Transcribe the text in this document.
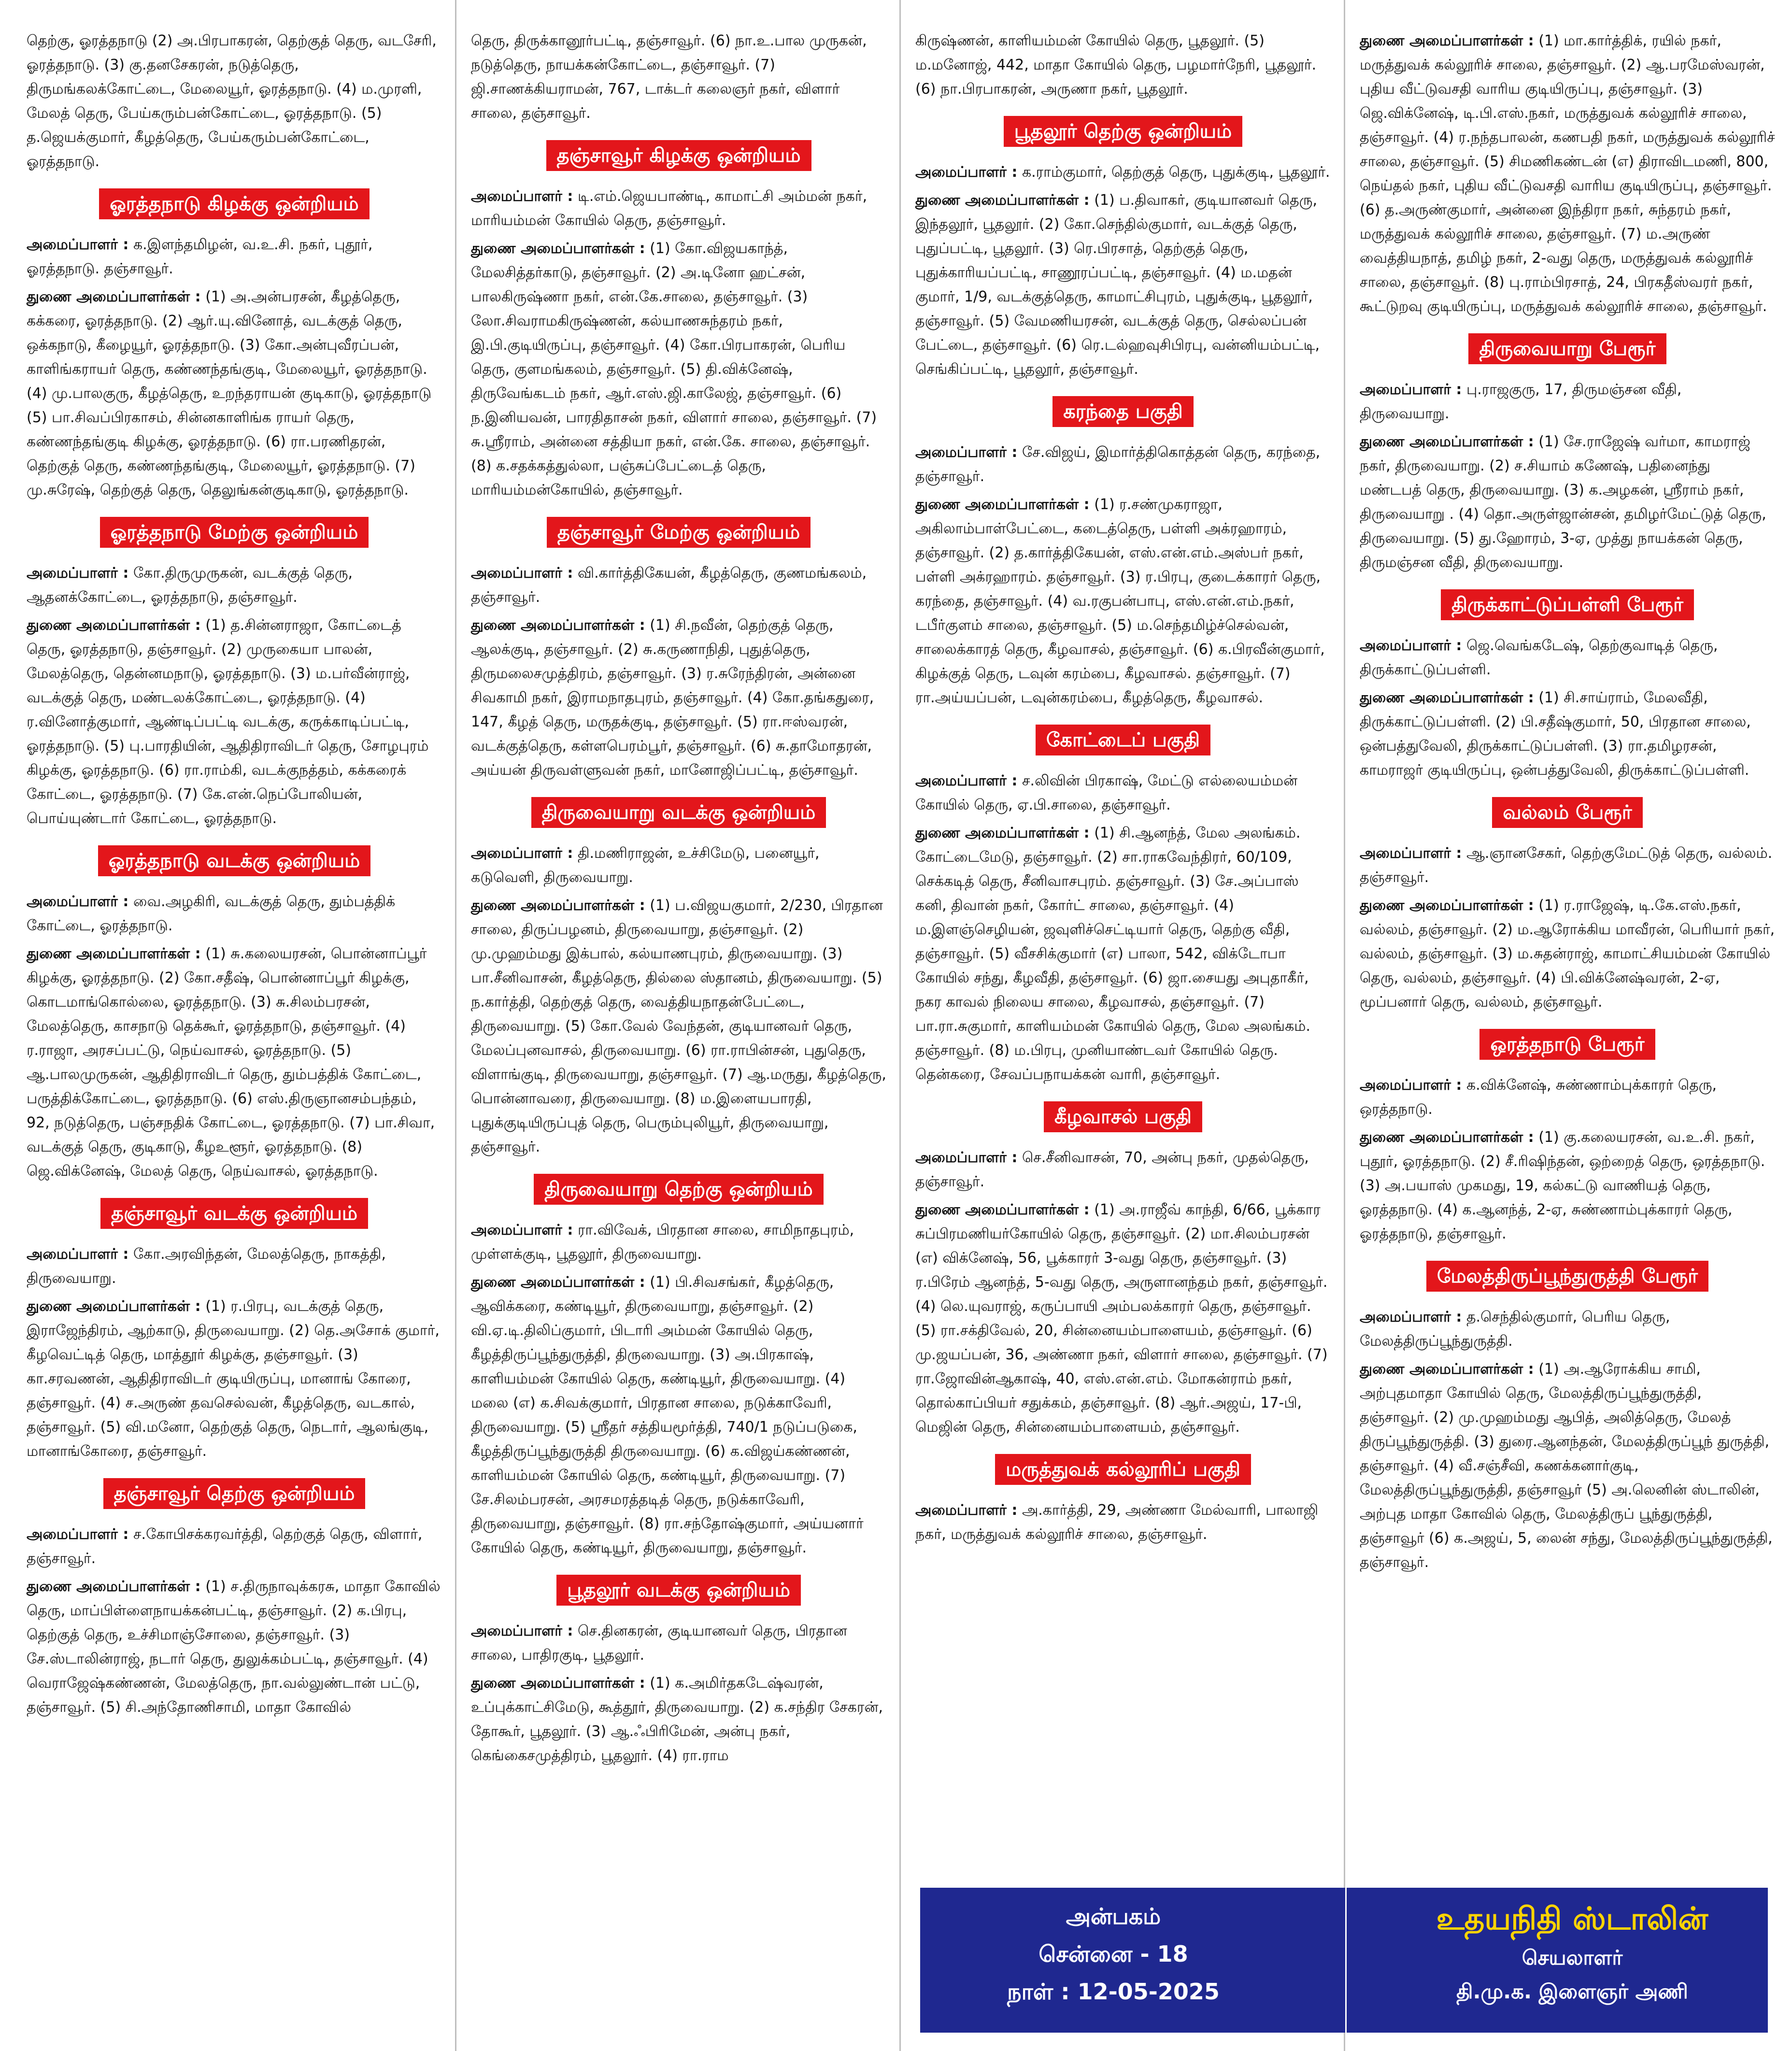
தெற்கு, ஓரத்தநாடு (2) அ.பிரபாகரன், தெற்குத் தெரு, வடசேரி, ஓரத்தநாடு. (3) கு.தனசேகரன், நடுத்தெரு, திருமங்கலக்கோட்டை, மேலையூர், ஓரத்தநாடு. (4) ம.முரளி, மேலத் தெரு, பேய்கரும்பன்கோட்டை, ஓரத்தநாடு. (5) த.ஜெயக்குமார், கீழத்தெரு, பேய்கரும்பன்கோட்டை, ஓரத்தநாடு.
ஓரத்தநாடு கிழக்கு ஒன்றியம்
அமைப்பாளர் : க.இளந்தமிழன், வ.உ.சி. நகர், புதூர், ஓரத்தநாடு. தஞ்சாவூர்.
துணை அமைப்பாளர்கள் : (1) அ.அன்பரசன், கீழத்தெரு, கக்கரை, ஓரத்தநாடு. (2) ஆர்.யு.வினோத், வடக்குத் தெரு, ஒக்கநாடு, கீழையூர், ஓரத்தநாடு. (3) கோ.அன்புவீரப்பன், காளிங்கராயர் தெரு, கண்ணந்தங்குடி, மேலையூர், ஓரத்தநாடு. (4) மு.பாலகுரு, கீழத்தெரு, உறந்தராயன் குடிகாடு, ஓரத்தநாடு (5) பா.சிவப்பிரகாசம், சின்னகாளிங்க ராயர் தெரு, கண்ணந்தங்குடி கிழக்கு, ஓரத்தநாடு. (6) ரா.பரணிதரன், தெற்குத் தெரு, கண்ணந்தங்குடி, மேலையூர், ஓரத்தநாடு. (7) மு.சுரேஷ், தெற்குத் தெரு, தெலுங்கன்குடிகாடு, ஓரத்தநாடு.
ஓரத்தநாடு மேற்கு ஒன்றியம்
அமைப்பாளர் : கோ.திருமுருகன், வடக்குத் தெரு, ஆதனக்கோட்டை, ஓரத்தநாடு, தஞ்சாவூர்.
துணை அமைப்பாளர்கள் : (1) த.சின்னராஜா, கோட்டைத் தெரு, ஓரத்தநாடு, தஞ்சாவூர். (2) முருகையா பாலன், மேலத்தெரு, தென்னமநாடு, ஓரத்தநாடு. (3) ம.பர்வீன்ராஜ், வடக்குத் தெரு, மண்டலக்கோட்டை, ஓரத்தநாடு. (4) ர.வினோத்குமார், ஆண்டிப்பட்டி வடக்கு, கருக்காடிப்பட்டி, ஓரத்தநாடு. (5) பு.பாரதியின், ஆதிதிராவிடர் தெரு, சோழபுரம் கிழக்கு, ஓரத்தநாடு. (6) ரா.ராம்கி, வடக்குநத்தம், கக்கரைக் கோட்டை, ஓரத்தநாடு. (7) கே.என்.நெப்போலியன், பொய்யுண்டார் கோட்டை, ஓரத்தநாடு.
ஓரத்தநாடு வடக்கு ஒன்றியம்
அமைப்பாளர் : வை.அழகிரி, வடக்குத் தெரு, தும்பத்திக் கோட்டை, ஓரத்தநாடு.
துணை அமைப்பாளர்கள் : (1) சு.கலையரசன், பொன்னாப்பூர் கிழக்கு, ஓரத்தநாடு. (2) கோ.சதீஷ், பொன்னாப்பூர் கிழக்கு, கொடமாங்கொல்லை, ஓரத்தநாடு. (3) சு.சிலம்பரசன், மேலத்தெரு, காசநாடு தெக்கூர், ஓரத்தநாடு, தஞ்சாவூர். (4) ர.ராஜா, அரசப்பட்டு, நெய்வாசல், ஓரத்தநாடு. (5) ஆ.பாலமுருகன், ஆதிதிராவிடர் தெரு, தும்பத்திக் கோட்டை, பருத்திக்கோட்டை, ஓரத்தநாடு. (6) எஸ்.திருஞானசம்பந்தம், 92, நடுத்தெரு, பஞ்சநதிக் கோட்டை, ஓரத்தநாடு. (7) பா.சிவா, வடக்குத் தெரு, குடிகாடு, கீழஉளூர், ஓரத்தநாடு. (8) ஜெ.விக்னேஷ், மேலத் தெரு, நெய்வாசல், ஓரத்தநாடு.
தஞ்சாவூர் வடக்கு ஒன்றியம்
அமைப்பாளர் : கோ.அரவிந்தன், மேலத்தெரு, நாகத்தி, திருவையாறு.
துணை அமைப்பாளர்கள் : (1) ர.பிரபு, வடக்குத் தெரு, இராஜேந்திரம், ஆற்காடு, திருவையாறு. (2) தெ.அசோக் குமார், கீழவெட்டித் தெரு, மாத்தூர் கிழக்கு, தஞ்சாவூர். (3) கா.சரவணன், ஆதிதிராவிடர் குடியிருப்பு, மானாங் கோரை, தஞ்சாவூர். (4) ச.அருண் தவசெல்வன், கீழத்தெரு, வடகால், தஞ்சாவூர். (5) வி.மனோ, தெற்குத் தெரு, நெடார், ஆலங்குடி, மானாங்கோரை, தஞ்சாவூர்.
தஞ்சாவூர் தெற்கு ஒன்றியம்
அமைப்பாளர் : ச.கோபிசக்கரவர்த்தி, தெற்குத் தெரு, விளார், தஞ்சாவூர்.
துணை அமைப்பாளர்கள் : (1) ச.திருநாவுக்கரசு, மாதா கோவில் தெரு, மாப்பிள்ளைநாயக்கன்பட்டி, தஞ்சாவூர். (2) க.பிரபு, தெற்குத் தெரு, உச்சிமாஞ்சோலை, தஞ்சாவூர். (3) சே.ஸ்டாலின்ராஜ், நடார் தெரு, துலுக்கம்பட்டி, தஞ்சாவூர். (4) வெராஜேஷ்கண்ணன், மேலத்தெரு, நா.வல்லுண்டான் பட்டு, தஞ்சாவூர். (5) சி.அந்தோணிசாமி, மாதா கோவில்
தெரு, திருக்கானூர்பட்டி, தஞ்சாவூர். (6) நா.உ.பால முருகன், நடுத்தெரு, நாயக்கன்கோட்டை, தஞ்சாவூர். (7) ஜி.சாணக்கியராமன், 767, டாக்டர் கலைஞர் நகர், விளார் சாலை, தஞ்சாவூர்.
தஞ்சாவூர் கிழக்கு ஒன்றியம்
அமைப்பாளர் : டி.எம்.ஜெயபாண்டி, காமாட்சி அம்மன் நகர், மாரியம்மன் கோயில் தெரு, தஞ்சாவூர்.
துணை அமைப்பாளர்கள் : (1) கோ.விஜயகாந்த், மேலசித்தர்காடு, தஞ்சாவூர். (2) அ.டினோ ஹட்சன், பாலகிருஷ்ணா நகர், என்.கே.சாலை, தஞ்சாவூர். (3) லோ.சிவராமகிருஷ்ணன், கல்யாணசுந்தரம் நகர், இ.பி.குடியிருப்பு, தஞ்சாவூர். (4) கோ.பிரபாகரன், பெரிய தெரு, குளமங்கலம், தஞ்சாவூர். (5) தி.விக்னேஷ், திருவேங்கடம் நகர், ஆர்.எஸ்.ஜி.காலேஜ், தஞ்சாவூர். (6) ந.இனியவன், பாரதிதாசன் நகர், விளார் சாலை, தஞ்சாவூர். (7) சு.ஸ்ரீராம், அன்னை சத்தியா நகர், என்.கே. சாலை, தஞ்சாவூர். (8) க.சதக்கத்துல்லா, பஞ்சுப்பேட்டைத் தெரு, மாரியம்மன்கோயில், தஞ்சாவூர்.
தஞ்சாவூர் மேற்கு ஒன்றியம்
அமைப்பாளர் : வி.கார்த்திகேயன், கீழத்தெரு, குணமங்கலம், தஞ்சாவூர்.
துணை அமைப்பாளர்கள் : (1) சி.நவீன், தெற்குத் தெரு, ஆலக்குடி, தஞ்சாவூர். (2) சு.கருணாநிதி, புதுத்தெரு, திருமலைசமுத்திரம், தஞ்சாவூர். (3) ர.சுரேந்திரன், அன்னை சிவகாமி நகர், இராமநாதபுரம், தஞ்சாவூர். (4) கோ.தங்கதுரை, 147, கீழத் தெரு, மருதக்குடி, தஞ்சாவூர். (5) ரா.ஈஸ்வரன், வடக்குத்தெரு, கள்ளபெரம்பூர், தஞ்சாவூர். (6) சு.தாமோதரன், அய்யன் திருவள்ளுவன் நகர், மானோஜிப்பட்டி, தஞ்சாவூர்.
திருவையாறு வடக்கு ஒன்றியம்
அமைப்பாளர் : தி.மணிராஜன், உச்சிமேடு, பனையூர், கடுவெளி, திருவையாறு.
துணை அமைப்பாளர்கள் : (1) ப.விஜயகுமார், 2/230, பிரதான சாலை, திருப்பழனம், திருவையாறு, தஞ்சாவூர். (2) மு.முஹம்மது இக்பால், கல்யாணபுரம், திருவையாறு. (3) பா.சீனிவாசன், கீழத்தெரு, தில்லை ஸ்தானம், திருவையாறு. (5) ந.கார்த்தி, தெற்குத் தெரு, வைத்தியநாதன்பேட்டை, திருவையாறு. (5) கோ.வேல் வேந்தன், குடியானவர் தெரு, மேலப்புனவாசல், திருவையாறு. (6) ரா.ராபின்சன், புதுதெரு, விளாங்குடி, திருவையாறு, தஞ்சாவூர். (7) ஆ.மருது, கீழத்தெரு, பொன்னாவரை, திருவையாறு. (8) ம.இளையபாரதி, புதுக்குடியிருப்புத் தெரு, பெரும்புலியூர், திருவையாறு, தஞ்சாவூர்.
திருவையாறு தெற்கு ஒன்றியம்
அமைப்பாளர் : ரா.விவேக், பிரதான சாலை, சாமிநாதபுரம், முள்ளக்குடி, பூதலூர், திருவையாறு.
துணை அமைப்பாளர்கள் : (1) பி.சிவசங்கர், கீழத்தெரு, ஆவிக்கரை, கண்டியூர், திருவையாறு, தஞ்சாவூர். (2) வி.ஏ.டி.திலிப்குமார், பிடாரி அம்மன் கோயில் தெரு, கீழத்திருப்பூந்துருத்தி, திருவையாறு. (3) அ.பிரகாஷ், காளியம்மன் கோயில் தெரு, கண்டியூர், திருவையாறு. (4) மலை (எ) க.சிவக்குமார், பிரதான சாலை, நடுக்காவேரி, திருவையாறு. (5) ஸ்ரீதர் சத்தியமூர்த்தி, 740/1 நடுப்படுகை, கீழத்திருப்பூந்துருத்தி திருவையாறு. (6) க.விஜய்கண்ணன், காளியம்மன் கோயில் தெரு, கண்டியூர், திருவையாறு. (7) சே.சிலம்பரசன், அரசமரத்தடித் தெரு, நடுக்காவேரி, திருவையாறு, தஞ்சாவூர். (8) ரா.சந்தோஷ்குமார், அய்யனார் கோயில் தெரு, கண்டியூர், திருவையாறு, தஞ்சாவூர்.
பூதலூர் வடக்கு ஒன்றியம்
அமைப்பாளர் : செ.தினகரன், குடியானவர் தெரு, பிரதான சாலை, பாதிரகுடி, பூதலூர்.
துணை அமைப்பாளர்கள் : (1) க.அமிர்தகடேஷ்வரன், உப்புக்காட்சிமேடு, கூத்தூர், திருவையாறு. (2) க.சந்திர சேகரன், தோகூர், பூதலூர். (3) ஆ.ஃபிரிமேன், அன்பு நகர், கெங்கைசமுத்திரம், பூதலூர். (4) ரா.ராம
கிருஷ்ணன், காளியம்மன் கோயில் தெரு, பூதலூர். (5) ம.மனோஜ், 442, மாதா கோயில் தெரு, பழமார்நேரி, பூதலூர். (6) நா.பிரபாகரன், அருணா நகர், பூதலூர்.
பூதலூர் தெற்கு ஒன்றியம்
அமைப்பாளர் : க.ராம்குமார், தெற்குத் தெரு, புதுக்குடி, பூதலூர்.
துணை அமைப்பாளர்கள் : (1) ப.திவாகர், குடியானவர் தெரு, இந்தலூர், பூதலூர். (2) கோ.செந்தில்குமார், வடக்குத் தெரு, புதுப்பட்டி, பூதலூர். (3) ரெ.பிரசாத், தெற்குத் தெரு, புதுக்காரியப்பட்டி, சாணூரப்பட்டி, தஞ்சாவூர். (4) ம.மதன் குமார், 1/9, வடக்குத்தெரு, காமாட்சிபுரம், புதுக்குடி, பூதலூர், தஞ்சாவூர். (5) வேமணியரசன், வடக்குத் தெரு, செல்லப்பன் பேட்டை, தஞ்சாவூர். (6) ரெ.டல்ஹவுசிபிரபு, வன்னியம்பட்டி, செங்கிப்பட்டி, பூதலூர், தஞ்சாவூர்.
கரந்தை பகுதி
அமைப்பாளர் : சே.விஜய், இமார்த்திகொத்தன் தெரு, கரந்தை, தஞ்சாவூர்.
துணை அமைப்பாளர்கள் : (1) ர.சண்முகராஜா, அகிலாம்பாள்பேட்டை, கடைத்தெரு, பள்ளி அக்ரஹாரம், தஞ்சாவூர். (2) த.கார்த்திகேயன், எஸ்.என்.எம்.அஸ்பர் நகர், பள்ளி அக்ரஹாரம். தஞ்சாவூர். (3) ர.பிரபு, குடைக்காரர் தெரு, கரந்தை, தஞ்சாவூர். (4) வ.ரகுபன்பாபு, எஸ்.என்.எம்.நகர், டபீர்குளம் சாலை, தஞ்சாவூர். (5) ம.செந்தமிழ்ச்செல்வன், சாலைக்காரத் தெரு, கீழவாசல், தஞ்சாவூர். (6) க.பிரவீன்குமார், கிழக்குத் தெரு, டவுன் கரம்பை, கீழவாசல். தஞ்சாவூர். (7) ரா.அய்யப்பன், டவுன்கரம்பை, கீழத்தெரு, கீழவாசல்.
கோட்டைப் பகுதி
அமைப்பாளர் : ச.லிவின் பிரகாஷ், மேட்டு எல்லையம்மன் கோயில் தெரு, ஏ.பி.சாலை, தஞ்சாவூர்.
துணை அமைப்பாளர்கள் : (1) சி.ஆனந்த், மேல அலங்கம். கோட்டைமேடு, தஞ்சாவூர். (2) சா.ராகவேந்திரர், 60/109, செக்கடித் தெரு, சீனிவாசபுரம். தஞ்சாவூர். (3) சே.அப்பாஸ் கனி, திவான் நகர், கோர்ட் சாலை, தஞ்சாவூர். (4) ம.இளஞ்செழியன், ஜவுளிச்செட்டியார் தெரு, தெற்கு வீதி, தஞ்சாவூர். (5) வீசசிக்குமார் (எ) பாலா, 542, விக்டோபா கோயில் சந்து, கீழவீதி, தஞ்சாவூர். (6) ஜா.சையது அபுதாகீர், நகர காவல் நிலைய சாலை, கீழவாசல், தஞ்சாவூர். (7) பா.ரா.சுகுமார், காளியம்மன் கோயில் தெரு, மேல அலங்கம். தஞ்சாவூர். (8) ம.பிரபு, முனியாண்டவர் கோயில் தெரு. தென்கரை, சேவப்பநாயக்கன் வாரி, தஞ்சாவூர்.
கீழவாசல் பகுதி
அமைப்பாளர் : செ.சீனிவாசன், 70, அன்பு நகர், முதல்தெரு, தஞ்சாவூர்.
துணை அமைப்பாளர்கள் : (1) அ.ராஜீவ் காந்தி, 6/66, பூக்கார சுப்பிரமணியர்கோயில் தெரு, தஞ்சாவூர். (2) மா.சிலம்பரசன் (எ) விக்னேஷ், 56, பூக்காரர் 3-வது தெரு, தஞ்சாவூர். (3) ர.பிரேம் ஆனந்த், 5-வது தெரு, அருளானந்தம் நகர், தஞ்சாவூர். (4) லெ.யுவராஜ், கருப்பாயி அம்பலக்காரர் தெரு, தஞ்சாவூர். (5) ரா.சக்திவேல், 20, சின்னையம்பாளையம், தஞ்சாவூர். (6) மு.ஜயப்பன், 36, அண்ணா நகர், விளார் சாலை, தஞ்சாவூர். (7) ரா.ஜோவின்ஆகாஷ், 40, எஸ்.என்.எம். மோகன்ராம் நகர், தொல்காப்பியர் சதுக்கம், தஞ்சாவூர். (8) ஆர்.அஜய், 17-பி, மெஜின் தெரு, சின்னையம்பாளையம், தஞ்சாவூர்.
மருத்துவக் கல்லூரிப் பகுதி
அமைப்பாளர் : அ.கார்த்தி, 29, அண்ணா மேல்வாரி, பாலாஜி நகர், மருத்துவக் கல்லூரிச் சாலை, தஞ்சாவூர்.
துணை அமைப்பாளர்கள் : (1) மா.கார்த்திக், ரயில் நகர், மருத்துவக் கல்லூரிச் சாலை, தஞ்சாவூர். (2) ஆ.பரமேஸ்வரன், புதிய வீட்டுவசதி வாரிய குடியிருப்பு, தஞ்சாவூர். (3) ஜெ.விக்னேஷ், டி.பி.எஸ்.நகர், மருத்துவக் கல்லூரிச் சாலை, தஞ்சாவூர். (4) ர.நந்தபாலன், கணபதி நகர், மருத்துவக் கல்லூரிச் சாலை, தஞ்சாவூர். (5) சிமணிகண்டன் (எ) திராவிடமணி, 800, நெய்தல் நகர், புதிய வீட்டுவசதி வாரிய குடியிருப்பு, தஞ்சாவூர். (6) த.அருண்குமார், அன்னை இந்திரா நகர், சுந்தரம் நகர், மருத்துவக் கல்லூரிச் சாலை, தஞ்சாவூர். (7) ம.அருண் வைத்தியநாத், தமிழ் நகர், 2-வது தெரு, மருத்துவக் கல்லூரிச் சாலை, தஞ்சாவூர். (8) பு.ராம்பிரசாத், 24, பிரகதீஸ்வரர் நகர், கூட்டுறவு குடியிருப்பு, மருத்துவக் கல்லூரிச் சாலை, தஞ்சாவூர்.
திருவையாறு பேரூர்
அமைப்பாளர் : பு.ராஜகுரு, 17, திருமஞ்சன வீதி, திருவையாறு.
துணை அமைப்பாளர்கள் : (1) சே.ராஜேஷ் வர்மா, காமராஜ் நகர், திருவையாறு. (2) ச.சியாம் கணேஷ், பதினைந்து மண்டபத் தெரு, திருவையாறு. (3) க.அழகன், ஸ்ரீராம் நகர், திருவையாறு . (4) தொ.அருள்ஜான்சன், தமிழர்மேட்டுத் தெரு, திருவையாறு. (5) து.ஹோரம், 3-ஏ, முத்து நாயக்கன் தெரு, திருமஞ்சன வீதி, திருவையாறு.
திருக்காட்டுப்பள்ளி பேரூர்
அமைப்பாளர் : ஜெ.வெங்கடேஷ், தெற்குவாடித் தெரு, திருக்காட்டுப்பள்ளி.
துணை அமைப்பாளர்கள் : (1) சி.சாய்ராம், மேலவீதி, திருக்காட்டுப்பள்ளி. (2) பி.சதீஷ்குமார், 50, பிரதான சாலை, ஒன்பத்துவேலி, திருக்காட்டுப்பள்ளி. (3) ரா.தமிழரசன், காமராஜர் குடியிருப்பு, ஒன்பத்துவேலி, திருக்காட்டுப்பள்ளி.
வல்லம் பேரூர்
அமைப்பாளர் : ஆ.ஞானசேகர், தெற்குமேட்டுத் தெரு, வல்லம். தஞ்சாவூர்.
துணை அமைப்பாளர்கள் : (1) ர.ராஜேஷ், டி.கே.எஸ்.நகர், வல்லம், தஞ்சாவூர். (2) ம.ஆரோக்கிய மாவீரன், பெரியார் நகர், வல்லம், தஞ்சாவூர். (3) ம.சுதன்ராஜ், காமாட்சியம்மன் கோயில் தெரு, வல்லம், தஞ்சாவூர். (4) பி.விக்னேஷ்வரன், 2-ஏ, மூப்பனார் தெரு, வல்லம், தஞ்சாவூர்.
ஒரத்தநாடு பேரூர்
அமைப்பாளர் : க.விக்னேஷ், சுண்ணாம்புக்காரர் தெரு, ஒரத்தநாடு.
துணை அமைப்பாளர்கள் : (1) கு.கலையரசன், வ.உ.சி. நகர், புதூர், ஓரத்தநாடு. (2) சீ.ரிஷிந்தன், ஒற்றைத் தெரு, ஒரத்தநாடு. (3) அ.பயாஸ் முகமது, 19, கல்கட்டு வாணியத் தெரு, ஓரத்தநாடு. (4) க.ஆனந்த், 2-ஏ, சுண்ணாம்புக்காரர் தெரு, ஓரத்தநாடு, தஞ்சாவூர்.
மேலத்திருப்பூந்துருத்தி பேரூர்
அமைப்பாளர் : த.செந்தில்குமார், பெரிய தெரு, மேலத்திருப்பூந்துருத்தி.
துணை அமைப்பாளர்கள் : (1) அ.ஆரோக்கிய சாமி, அற்புதமாதா கோயில் தெரு, மேலத்திருப்பூந்துருத்தி, தஞ்சாவூர். (2) மு.முஹம்மது ஆபித், அலித்தெரு, மேலத் திருப்பூந்துருத்தி. (3) துரை.ஆனந்தன், மேலத்திருப்பூந் துருத்தி, தஞ்சாவூர். (4) வீ.சஞ்சீவி, கணக்கனார்குடி, மேலத்திருப்பூந்துருத்தி, தஞ்சாவூர் (5) அ.லெனின் ஸ்டாலின், அற்புத மாதா கோவில் தெரு, மேலத்திருப் பூந்துருத்தி, தஞ்சாவூர் (6) க.அஜய், 5, லைன் சந்து, மேலத்திருப்பூந்துருத்தி, தஞ்சாவூர்.
அன்பகம்
சென்னை - 18
நாள் : 12-05-2025
உதயநிதி ஸ்டாலின்
செயலாளர்
தி.மு.க. இளைஞர் அணி
